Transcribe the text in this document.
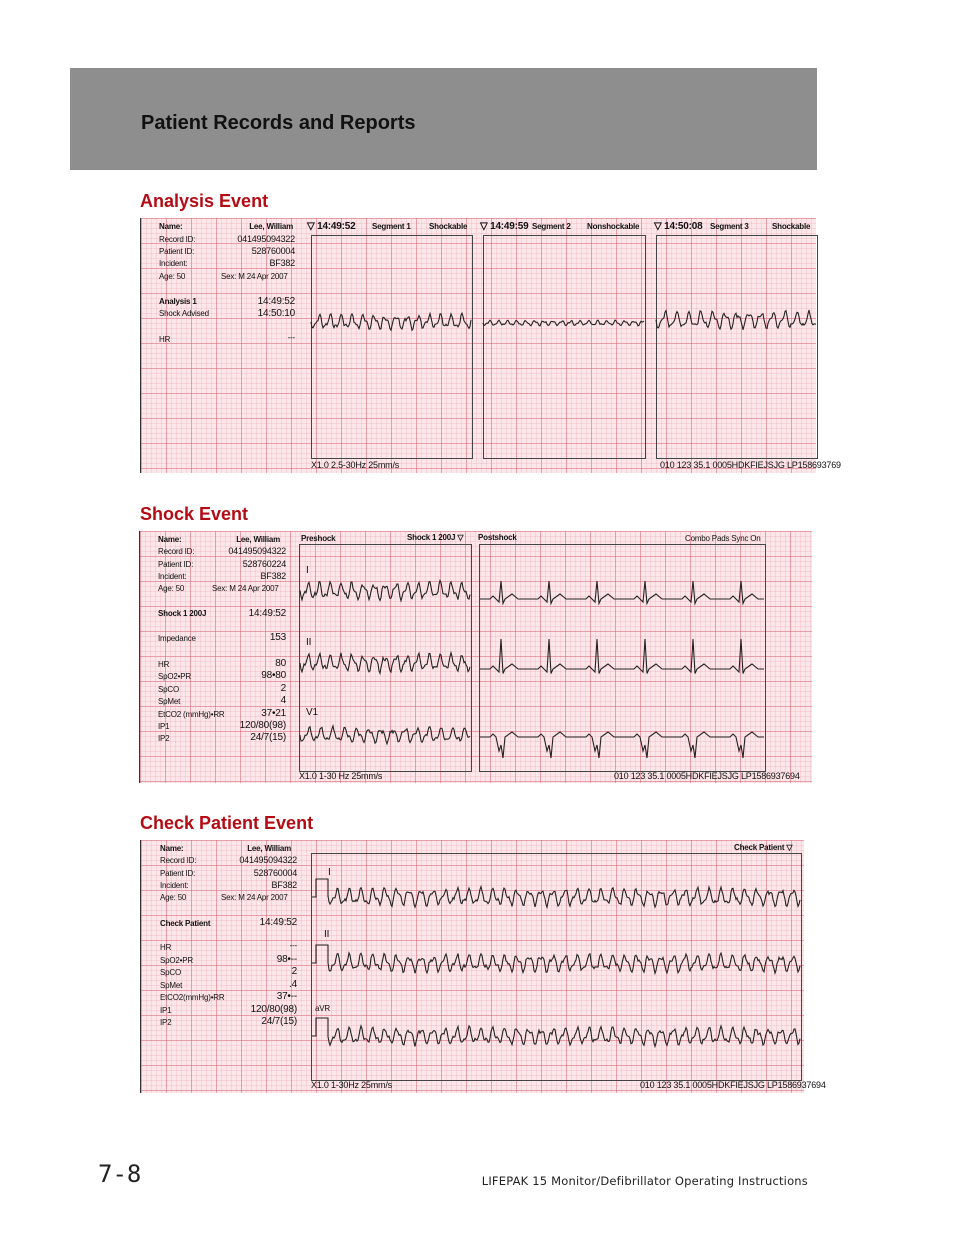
Patient Records and Reports
Analysis Event
Name:	Lee, William
Record ID:	041495094322
Patient ID:	528760004
Incident:	BF382
Age: 50	Sex: M 24 Apr 2007
Analysis 1	14:49:52
Shock Advised	14:50:10
HR	---
▽ 14:49:52 Segment 1 Shockable ▽ 14:49:59 Segment 2 Nonshockable ▽ 14:50:08 Segment 3	Shockable
X1.0 2.5-30Hz 25mm/s	010 123 35.1 0005HDKFIEJSJG LP158693769
Shock Event
Name:	Lee, William
Record ID:	041495094322
Patient ID:	528760224
Incident:	BF382
Age: 50	Sex: M 24 Apr 2007
Shock 1 200J	14:49:52
Impedance	153
HR	80
SpO2•PR	98•80
SpCO	2
SpMet	4
EtCO2 (mmHg)•RR	37•21
IP1	120/80(98)
IP2	24/7(15)
Preshock	Shock 1 200J ▽ Postshock	Combo Pads Sync On
I
II
V1
X1.0 1-30 Hz 25mm/s	010 123 35.1 0005HDKFIEJSJG LP1586937694
Check Patient Event
Name:	Lee, William
Record ID:	041495094322
Patient ID:	528760004
Incident:	BF382
Age: 50	Sex: M 24 Apr 2007
Check Patient	14:49:52
HR	---
SpO2•PR	98•--
SpCO	2
SpMet	.4
EtCO2(mmHg)•RR	37•--
IP1	120/80(98)
IP2	24/7(15)
Check Patient ▽
I
II
aVR
X1.0 1-30Hz 25mm/s	010 123 35.1 0005HDKFIEJSJG LP1586937694
7-8	LIFEPAK 15 Monitor/Defibrillator Operating Instructions
